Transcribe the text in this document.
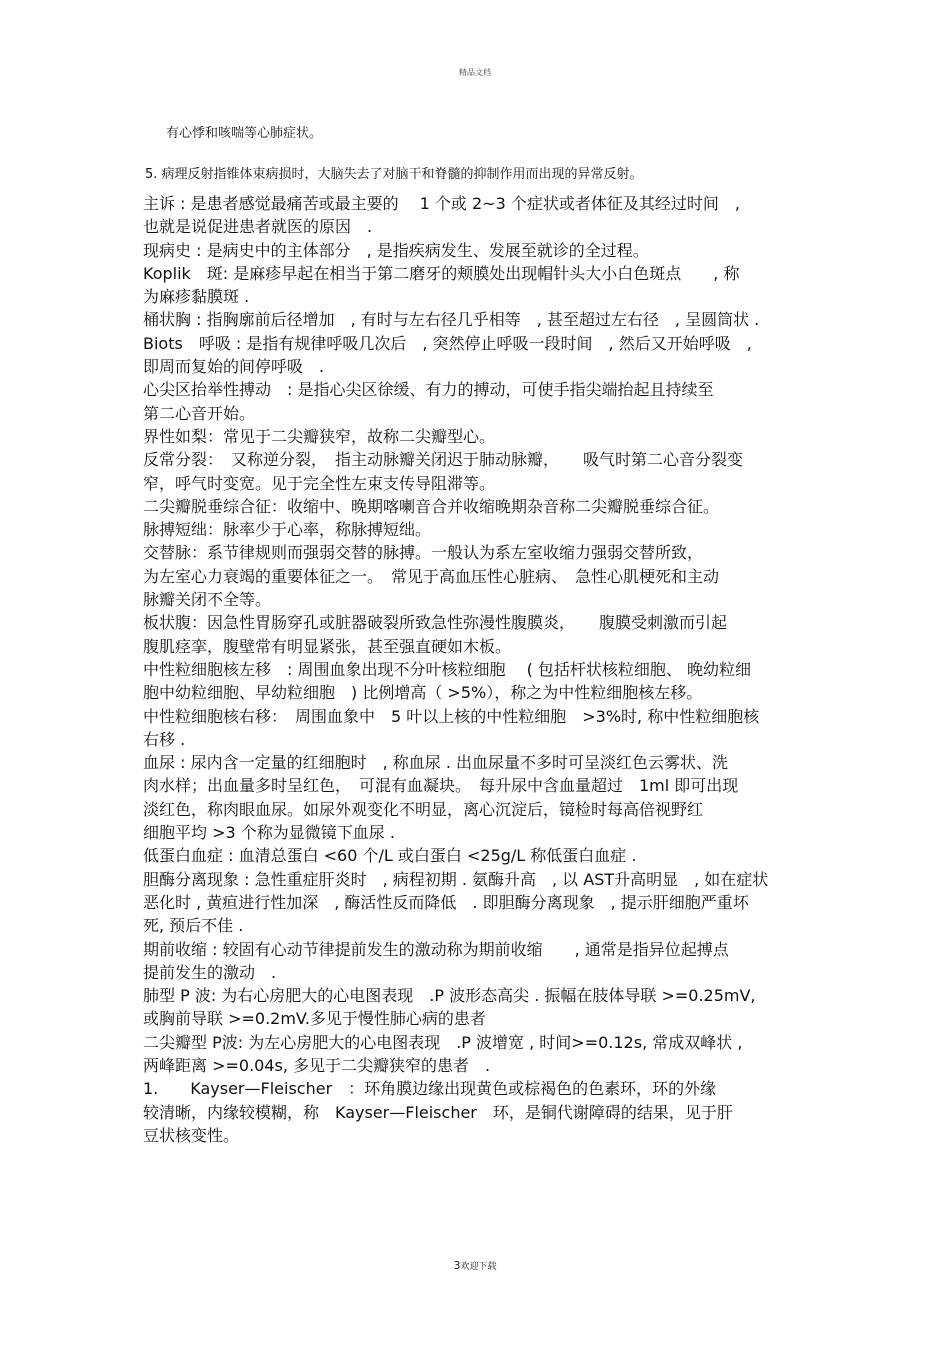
精品文档
有心悸和咳喘等心肺症状。
5. 病理反射指锥体束病损时，大脑失去了对脑干和脊髓的抑制作用而出现的异常反射。
主诉 : 是患者感觉最痛苦或最主要的　 1 个或 2~3 个症状或者体征及其经过时间　,
也就是说促进患者就医的原因　.
现病史 : 是病史中的主体部分　, 是指疾病发生、发展至就诊的全过程。
Koplik　斑: 是麻疹早起在相当于第二磨牙的颊膜处出现帽针头大小白色斑点　　, 称
为麻疹黏膜斑 .
桶状胸 : 指胸廓前后径增加　, 有时与左右径几乎相等　, 甚至超过左右径　, 呈圆筒状 .
Biots　呼吸 : 是指有规律呼吸几次后　, 突然停止呼吸一段时间　, 然后又开始呼吸　,
即周而复始的间停呼吸　.
心尖区抬举性搏动　: 是指心尖区徐缓、有力的搏动，可使手指尖端抬起且持续至
第二心音开始。
界性如梨：常见于二尖瓣狭窄，故称二尖瓣型心。
反常分裂：　又称逆分裂，　指主动脉瓣关闭迟于肺动脉瓣，　　吸气时第二心音分裂变
窄，呼气时变宽。见于完全性左束支传导阻滞等。
二尖瓣脱垂综合征：收缩中、晚期喀喇音合并收缩晚期杂音称二尖瓣脱垂综合征。
脉搏短绌：脉率少于心率，称脉搏短绌。
交替脉：系节律规则而强弱交替的脉搏。一般认为系左室收缩力强弱交替所致，
为左室心力衰竭的重要体征之一。　常见于高血压性心脏病、　急性心肌梗死和主动
脉瓣关闭不全等。
板状腹：因急性胃肠穿孔或脏器破裂所致急性弥漫性腹膜炎，　　腹膜受刺激而引起
腹肌痉挛，腹壁常有明显紧张，甚至强直硬如木板。
中性粒细胞核左移　: 周围血象出现不分叶核粒细胞　 ( 包括杆状核粒细胞、 晚幼粒细
胞中幼粒细胞、早幼粒细胞　) 比例增高（ >5%），称之为中性粒细胞核左移。
中性粒细胞核右移：　周围血象中　5 叶以上核的中性粒细胞　>3%时, 称中性粒细胞核
右移 .
血尿 : 尿内含一定量的红细胞时　, 称血尿 . 出血尿量不多时可呈淡红色云雾状、洗
肉水样；出血量多时呈红色，　可混有血凝块。　每升尿中含血量超过　1ml 即可出现
淡红色，称肉眼血尿。如尿外观变化不明显，离心沉淀后，镜检时每高倍视野红
细胞平均 >3 个称为显微镜下血尿 .
低蛋白血症 : 血清总蛋白 <60 个/L 或白蛋白 <25g/L 称低蛋白血症 .
胆酶分离现象 : 急性重症肝炎时　, 病程初期 . 氨酶升高　, 以 AST升高明显　, 如在症状
恶化时 , 黄疸进行性加深　, 酶活性反而降低　. 即胆酶分离现象　, 提示肝细胞严重坏
死, 预后不佳 .
期前收缩 : 较固有心动节律提前发生的激动称为期前收缩　　, 通常是指异位起搏点
提前发生的激动　.
肺型 P 波: 为右心房肥大的心电图表现　.P 波形态高尖 . 振幅在肢体导联 >=0.25mV,
或胸前导联 >=0.2mV.多见于慢性肺心病的患者
二尖瓣型 P波: 为左心房肥大的心电图表现　.P 波增宽 , 时间>=0.12s, 常成双峰状 ,
两峰距离 >=0.04s, 多见于二尖瓣狭窄的患者　.
1.　　Kayser—Fleischer　：环角膜边缘出现黄色或棕褐色的色素环，环的外缘
较清晰，内缘较模糊，称　Kayser—Fleischer　环，是铜代谢障碍的结果，见于肝
豆状核变性。
3欢迎下载
